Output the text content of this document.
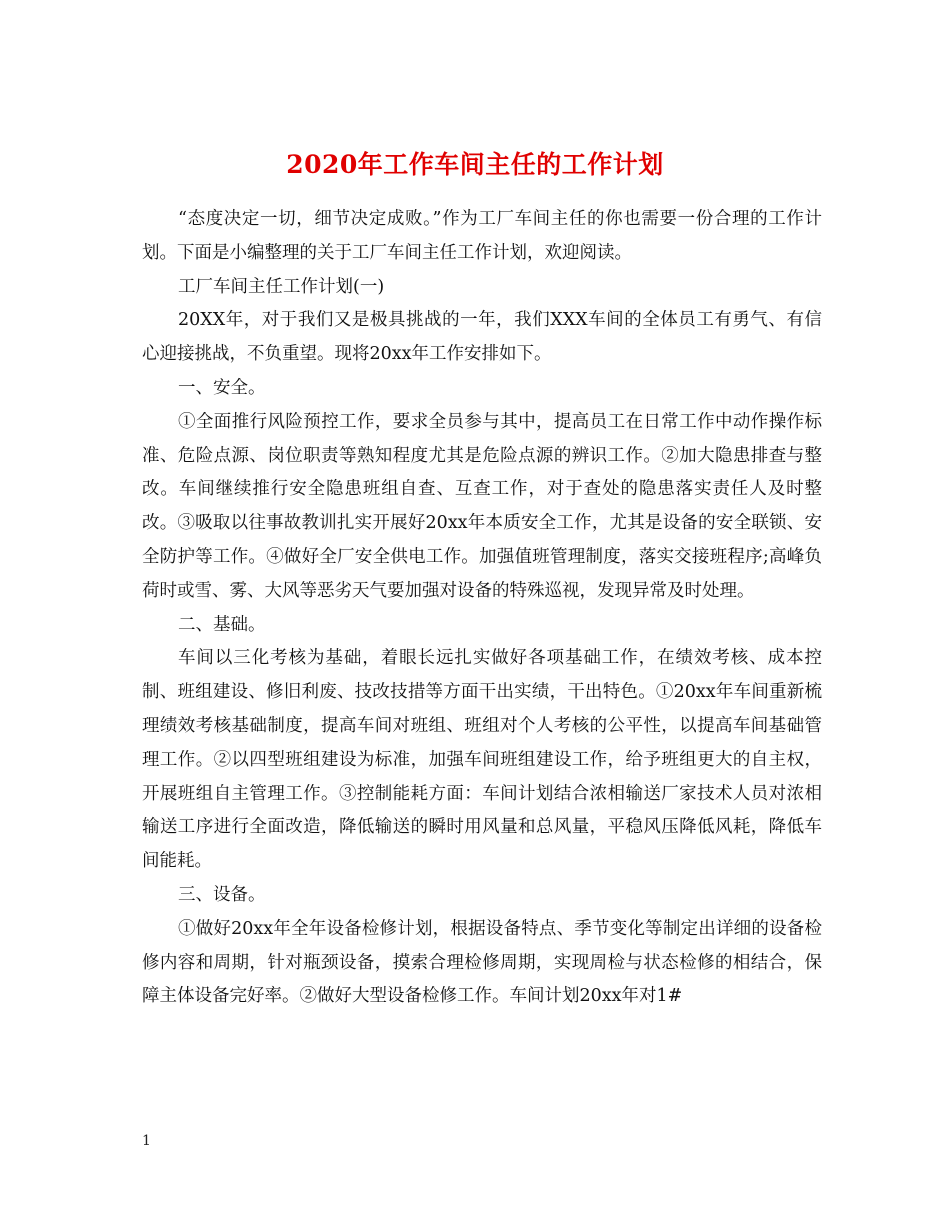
2020年工作车间主任的工作计划

“态度决定一切，细节决定成败。”作为工厂车间主任的你也需要一份合理的工作计划。下面是小编整理的关于工厂车间主任工作计划，欢迎阅读。

工厂车间主任工作计划(一)

20XX年，对于我们又是极具挑战的一年，我们XXX车间的全体员工有勇气、有信心迎接挑战，不负重望。现将20xx年工作安排如下。

一、安全。

①全面推行风险预控工作，要求全员参与其中，提高员工在日常工作中动作操作标准、危险点源、岗位职责等熟知程度尤其是危险点源的辨识工作。②加大隐患排查与整改。车间继续推行安全隐患班组自查、互查工作，对于查处的隐患落实责任人及时整改。③吸取以往事故教训扎实开展好20xx年本质安全工作，尤其是设备的安全联锁、安全防护等工作。④做好全厂安全供电工作。加强值班管理制度，落实交接班程序;高峰负荷时或雪、雾、大风等恶劣天气要加强对设备的特殊巡视，发现异常及时处理。

二、基础。

车间以三化考核为基础，着眼长远扎实做好各项基础工作，在绩效考核、成本控制、班组建设、修旧利废、技改技措等方面干出实绩，干出特色。①20xx年车间重新梳理绩效考核基础制度，提高车间对班组、班组对个人考核的公平性，以提高车间基础管理工作。②以四型班组建设为标准，加强车间班组建设工作，给予班组更大的自主权，开展班组自主管理工作。③控制能耗方面：车间计划结合浓相输送厂家技术人员对浓相输送工序进行全面改造，降低输送的瞬时用风量和总风量，平稳风压降低风耗，降低车间能耗。

三、设备。

①做好20xx年全年设备检修计划，根据设备特点、季节变化等制定出详细的设备检修内容和周期，针对瓶颈设备，摸索合理检修周期，实现周检与状态检修的相结合，保障主体设备完好率。②做好大型设备检修工作。车间计划20xx年对1#

1
